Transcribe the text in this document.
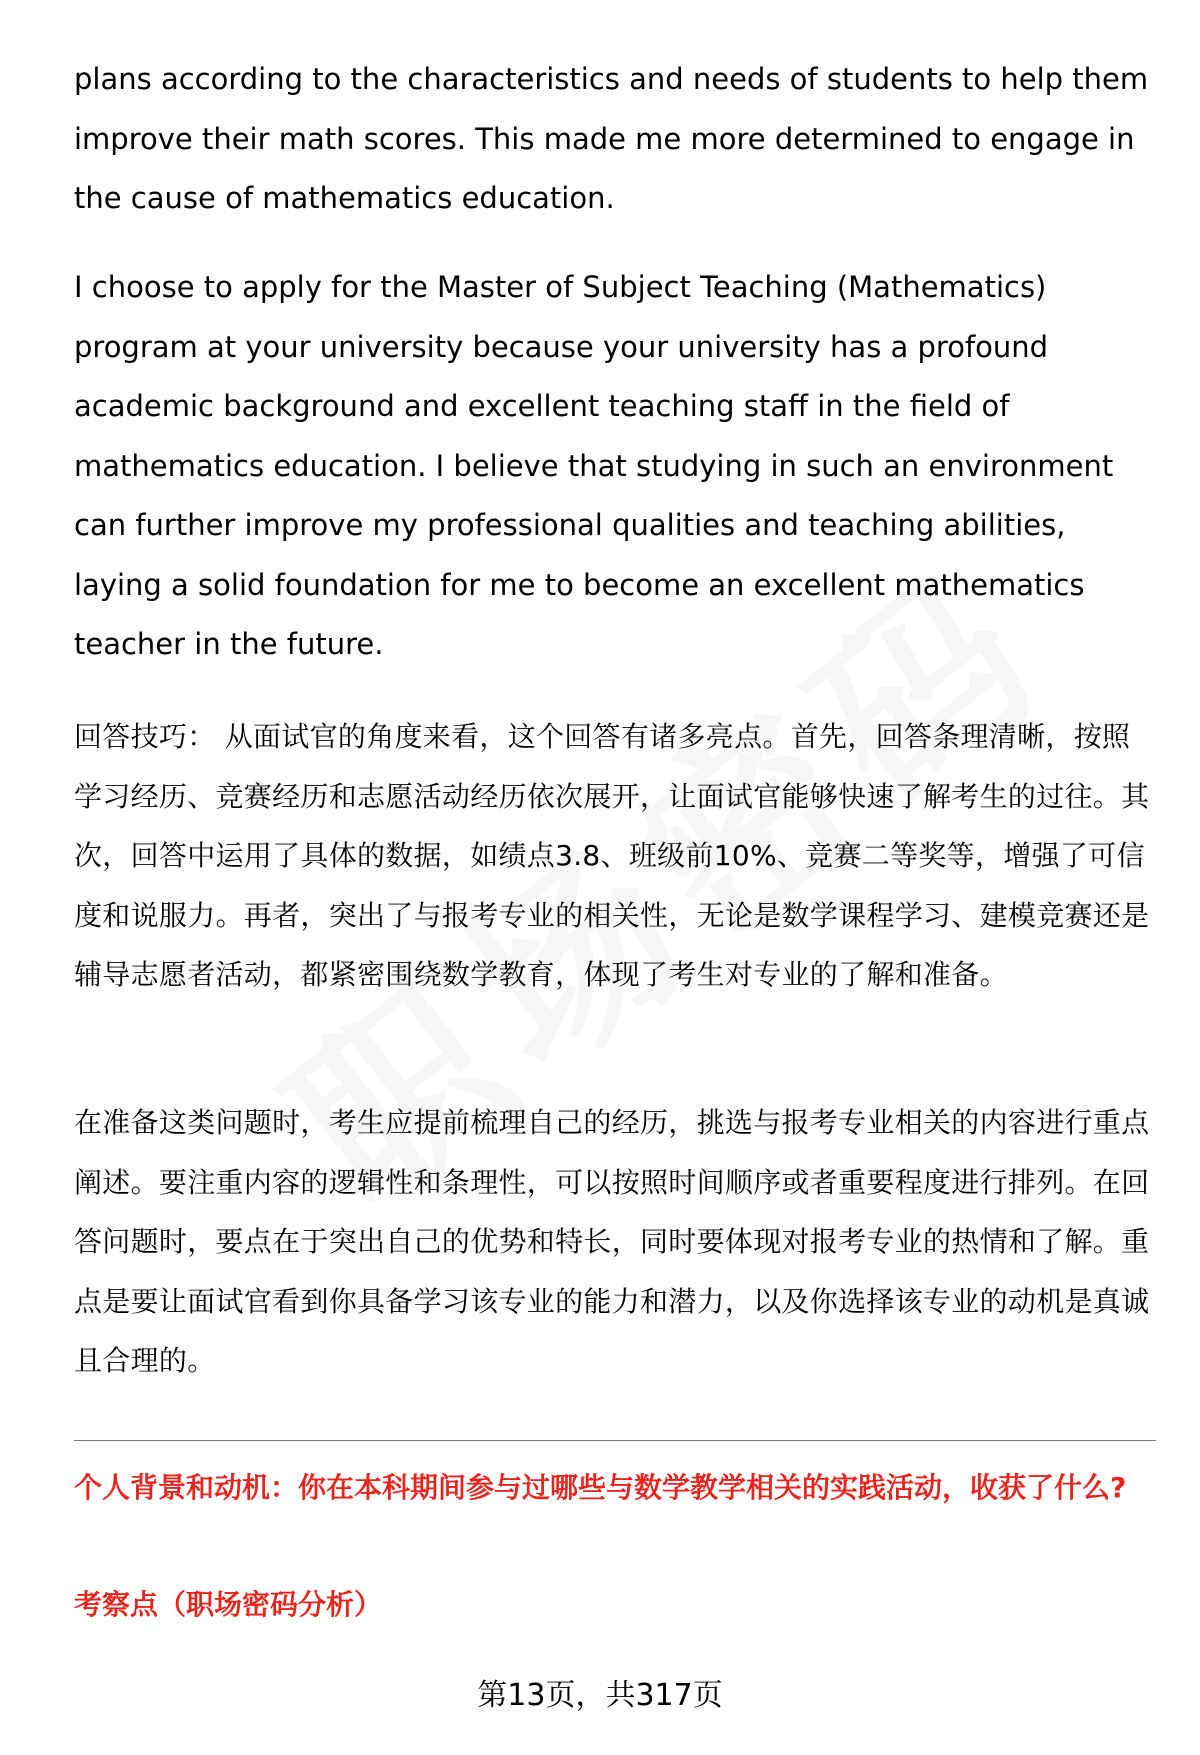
plans according to the characteristics and needs of students to help them improve their math scores. This made me more determined to engage in the cause of mathematics education.

I choose to apply for the Master of Subject Teaching (Mathematics) program at your university because your university has a profound academic background and excellent teaching staff in the field of mathematics education. I believe that studying in such an environment can further improve my professional qualities and teaching abilities, laying a solid foundation for me to become an excellent mathematics teacher in the future.

回答技巧： 从面试官的角度来看，这个回答有诸多亮点。首先，回答条理清晰，按照学习经历、竞赛经历和志愿活动经历依次展开，让面试官能够快速了解考生的过往。其次，回答中运用了具体的数据，如绩点3.8、班级前10%、竞赛二等奖等，增强了可信度和说服力。再者，突出了与报考专业的相关性，无论是数学课程学习、建模竞赛还是辅导志愿者活动，都紧密围绕数学教育，体现了考生对专业的了解和准备。

在准备这类问题时，考生应提前梳理自己的经历，挑选与报考专业相关的内容进行重点阐述。要注重内容的逻辑性和条理性，可以按照时间顺序或者重要程度进行排列。在回答问题时，要点在于突出自己的优势和特长，同时要体现对报考专业的热情和了解。重点是要让面试官看到你具备学习该专业的能力和潜力，以及你选择该专业的动机是真诚且合理的。

个人背景和动机：你在本科期间参与过哪些与数学教学相关的实践活动，收获了什么?

考察点（职场密码分析）

第13页，共317页
